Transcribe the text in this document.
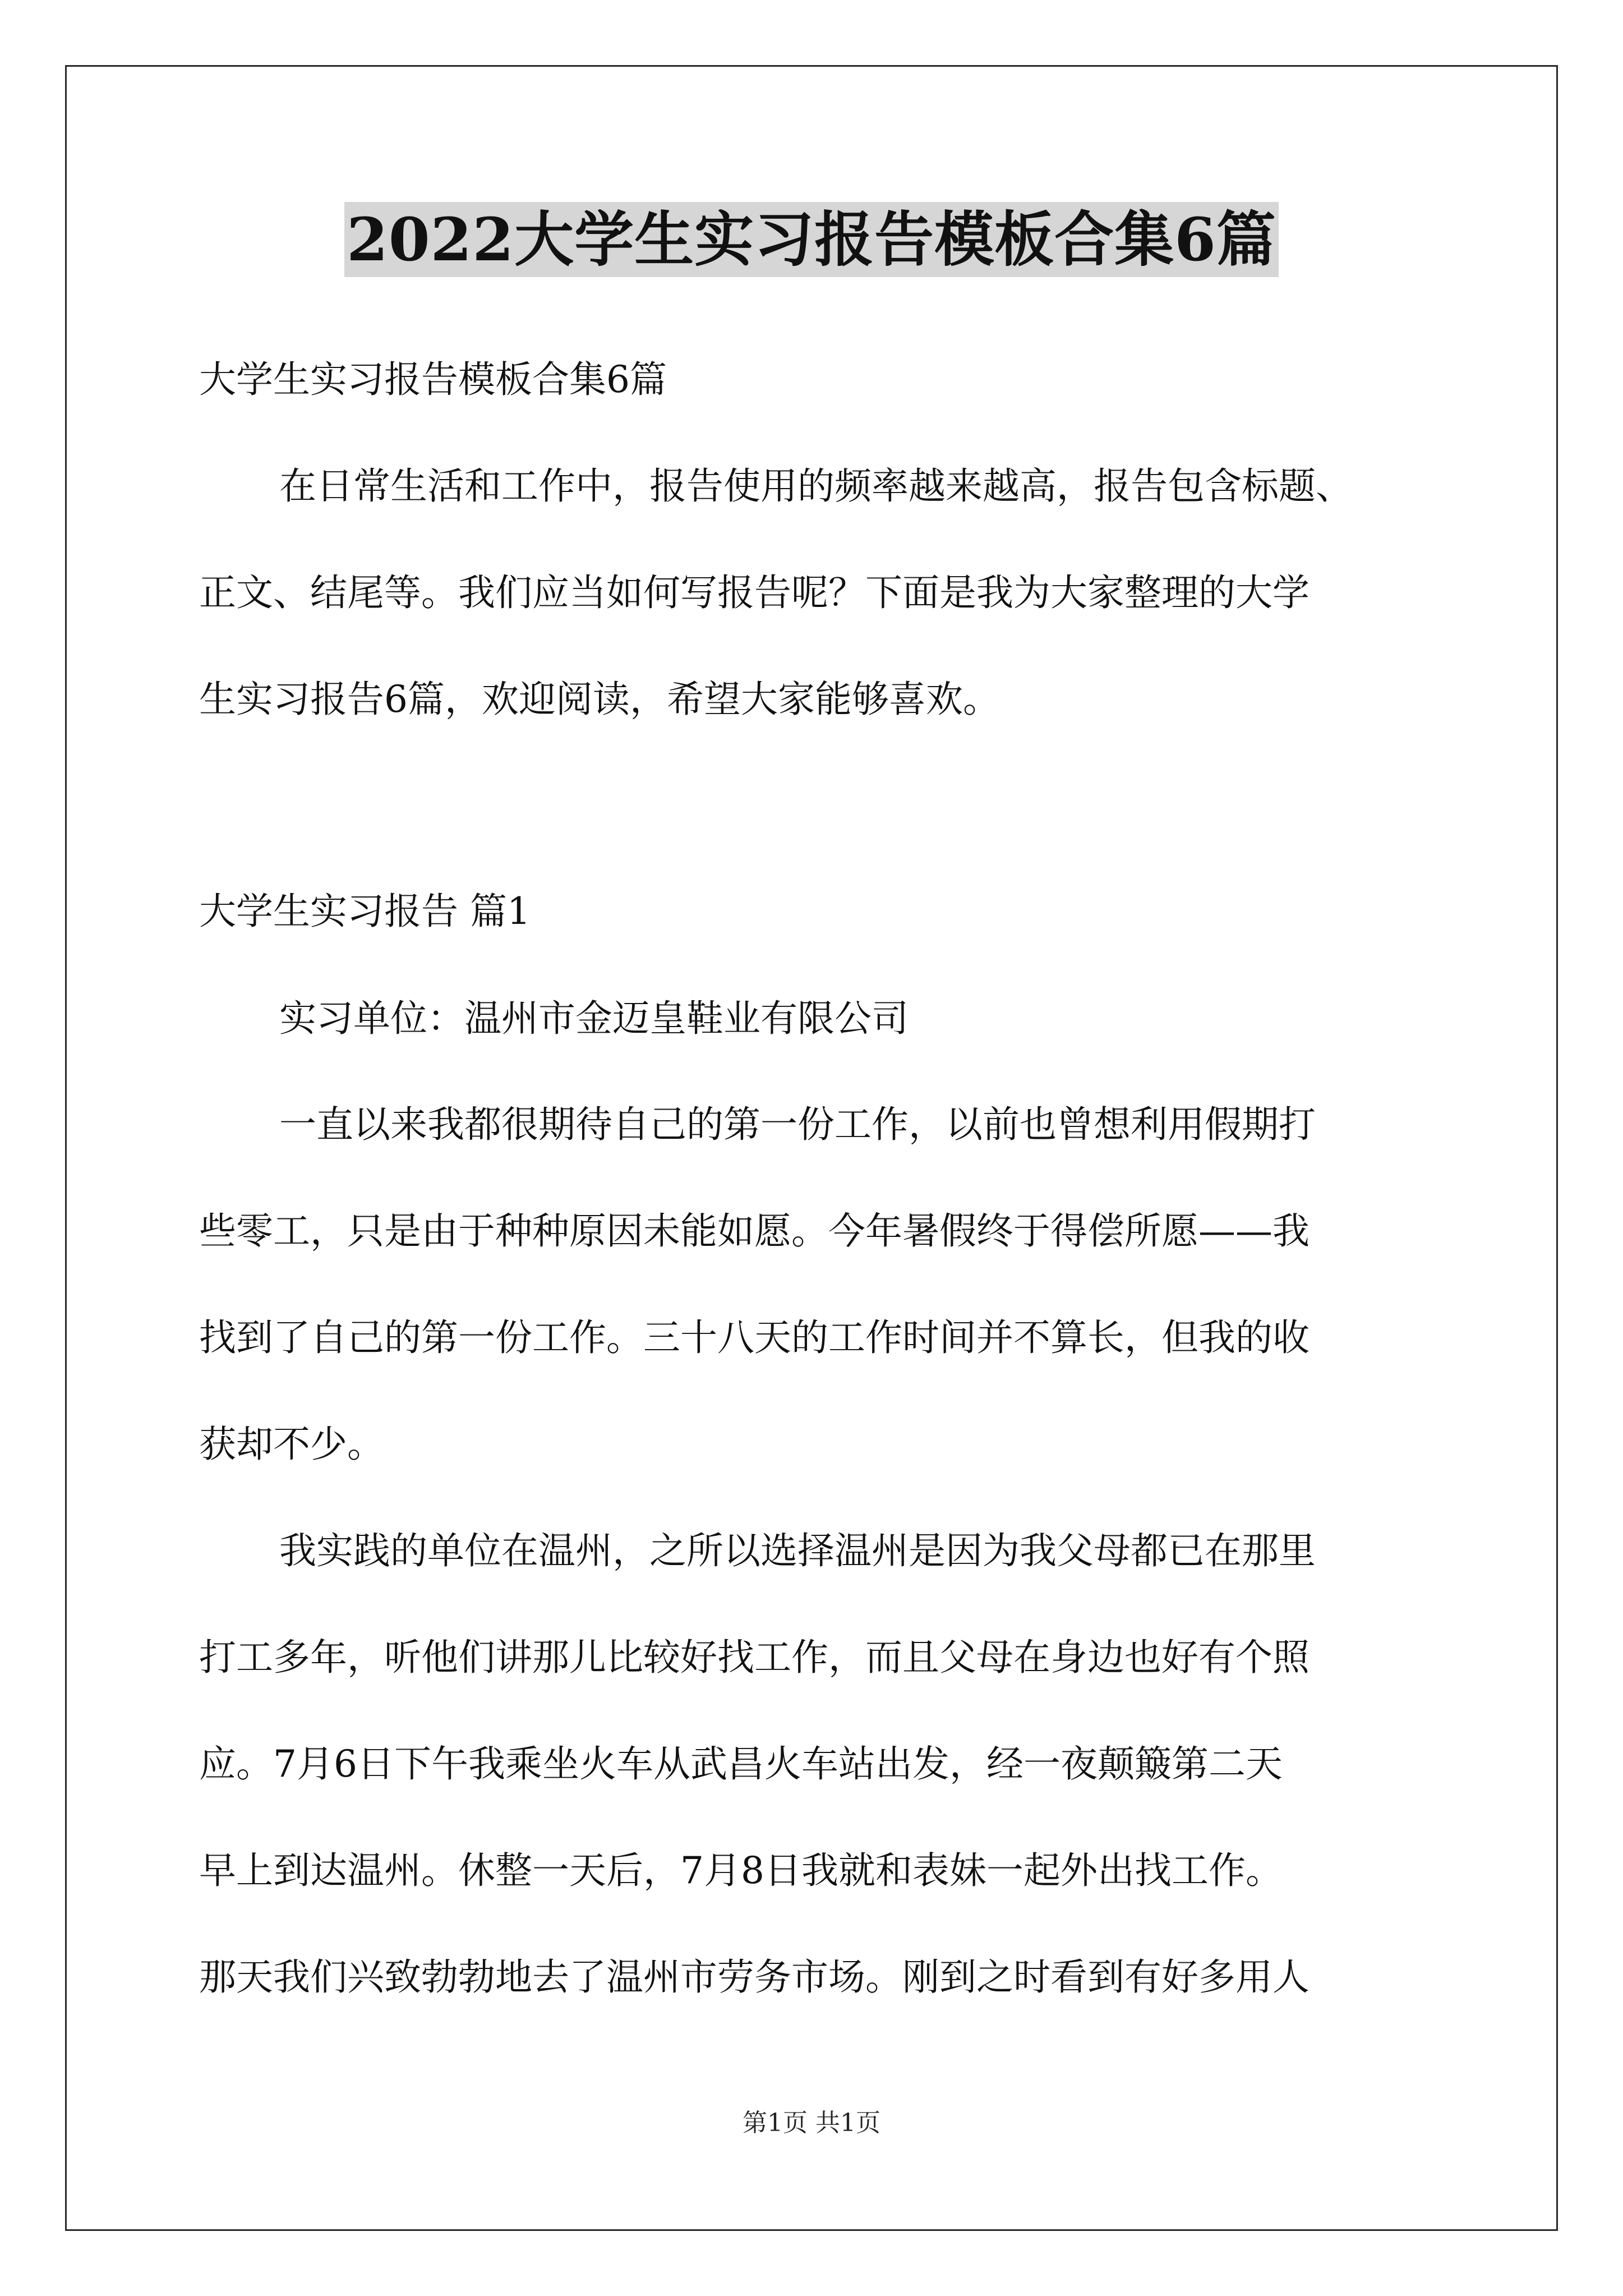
2022大学生实习报告模板合集6篇

大学生实习报告模板合集6篇

在日常生活和工作中，报告使用的频率越来越高，报告包含标题、

正文、结尾等。我们应当如何写报告呢？下面是我为大家整理的大学

生实习报告6篇，欢迎阅读，希望大家能够喜欢。

大学生实习报告 篇1

实习单位：温州市金迈皇鞋业有限公司

一直以来我都很期待自己的第一份工作，以前也曾想利用假期打

些零工，只是由于种种原因未能如愿。今年暑假终于得偿所愿——我

找到了自己的第一份工作。三十八天的工作时间并不算长，但我的收

获却不少。

我实践的单位在温州，之所以选择温州是因为我父母都已在那里

打工多年，听他们讲那儿比较好找工作，而且父母在身边也好有个照

应。7月6日下午我乘坐火车从武昌火车站出发，经一夜颠簸第二天

早上到达温州。休整一天后，7月8日我就和表妹一起外出找工作。

那天我们兴致勃勃地去了温州市劳务市场。刚到之时看到有好多用人

第1页 共1页
